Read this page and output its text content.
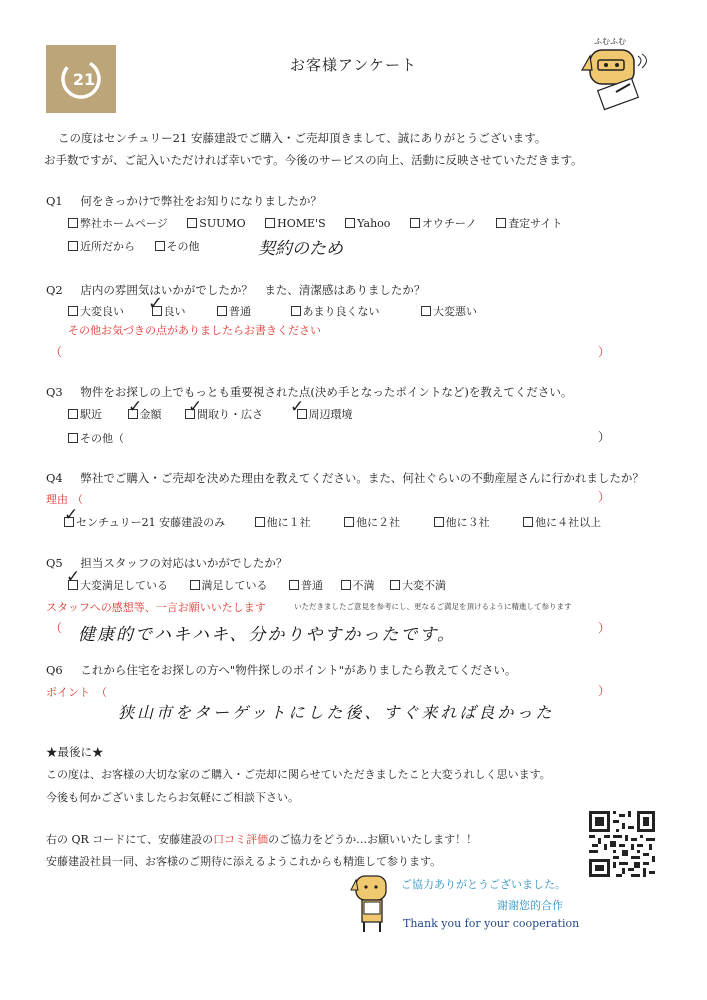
21
お客様アンケート
ふむふむ
この度はセンチュリー21 安藤建設でご購入・ご売却頂きまして、誠にありがとうございます。
お手数ですが、ご記入いただければ幸いです。今後のサービスの向上、活動に反映させていただきます。
Q1 何をきっかけで弊社をお知りになりましたか？
弊社ホームページ	SUUMO	HOME'S	Yahoo	オウチーノ	査定サイト
近所だから	その他	契約のため
Q2 店内の雰囲気はいかがでしたか？　また、清潔感はありましたか？
大変良い	良い	普通	あまり良くない	大変悪い
✓
その他お気づきの点がありましたらお書きください
（	）
Q3 物件をお探しの上でもっとも重要視された点(決め手となったポイントなど)を教えてください。
駅近	金額	間取り・広さ	周辺環境
✓	✓	✓
その他（	）
Q4 弊社でご購入・ご売却を決めた理由を教えてください。また、何社ぐらいの不動産屋さんに行かれましたか？
理由 （	）
センチュリー21 安藤建設のみ	他に１社	他に２社	他に３社	他に４社以上
✓
Q5 担当スタッフの対応はいかがでしたか？
大変満足している	満足している	普通	不満	大変不満
✓
スタッフへの感想等、一言お願いいたします	いただきましたご意見を参考にし、更なるご満足を頂けるように精進して参ります
（	）
健康的でハキハキ、分かりやすかったです。
Q6 これから住宅をお探しの方へ"物件探しのポイント"がありましたら教えてください。
ポイント （	）
狭山市をターゲットにした後、すぐ来れば良かった
★最後に★
この度は、お客様の大切な家のご購入・ご売却に関らせていただきましたこと大変うれしく思います。
今後も何かございましたらお気軽にご相談下さい。
右の QR コードにて、安藤建設の口コミ評価のご協力をどうか…お願いいたします！！
安藤建設社員一同、お客様のご期待に添えるようこれからも精進して参ります。
ご協力ありがとうございました。
谢谢您的合作
Thank you for your cooperation
